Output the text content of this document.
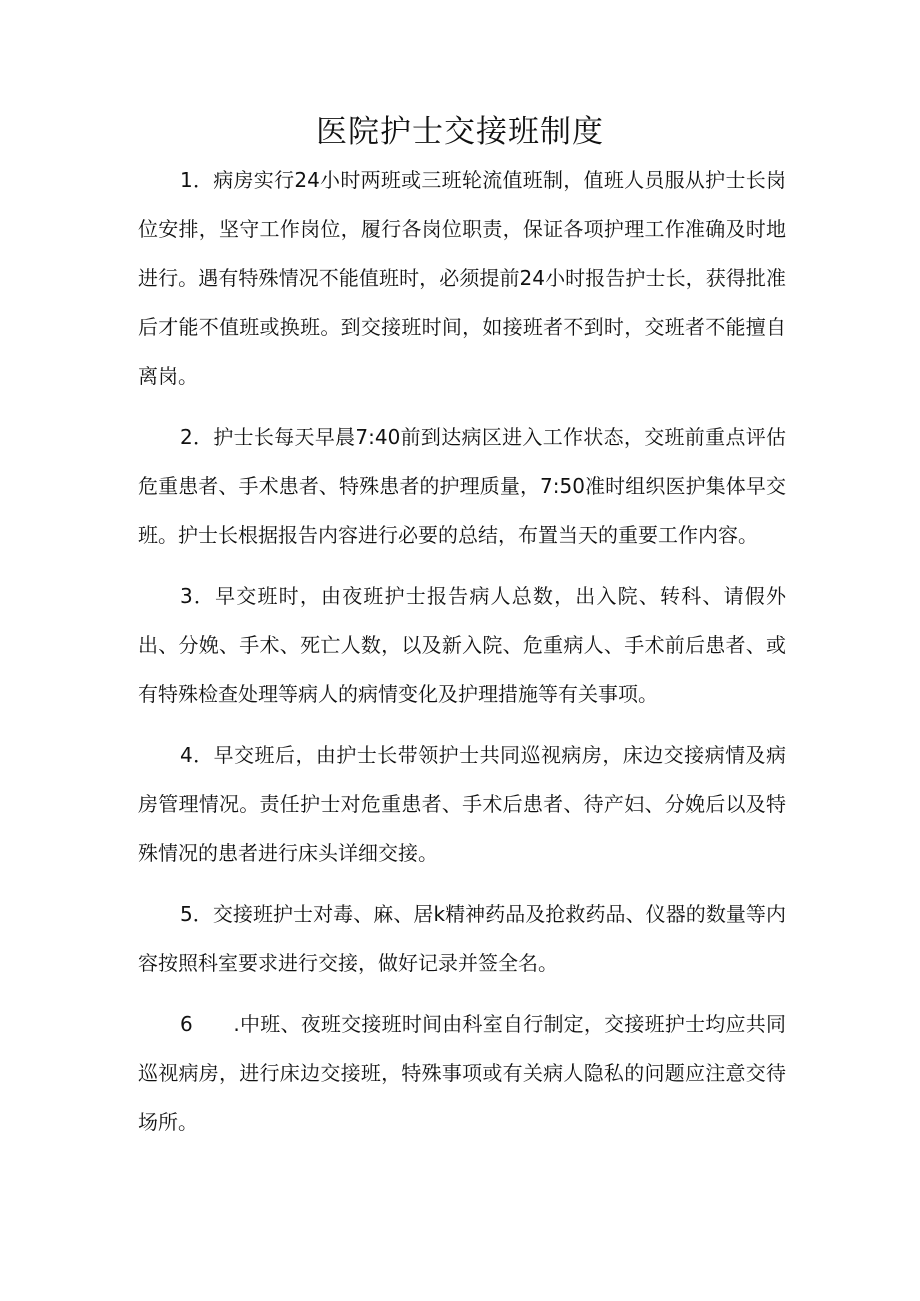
医院护士交接班制度

1．病房实行24小时两班或三班轮流值班制，值班人员服从护士长岗位安排，坚守工作岗位，履行各岗位职责，保证各项护理工作准确及时地进行。遇有特殊情况不能值班时，必须提前24小时报告护士长，获得批准后才能不值班或换班。到交接班时间，如接班者不到时，交班者不能擅自离岗。

2．护士长每天早晨7:40前到达病区进入工作状态，交班前重点评估危重患者、手术患者、特殊患者的护理质量，7:50准时组织医护集体早交班。护士长根据报告内容进行必要的总结，布置当天的重要工作内容。

3．早交班时，由夜班护士报告病人总数，出入院、转科、请假外出、分娩、手术、死亡人数，以及新入院、危重病人、手术前后患者、或有特殊检查处理等病人的病情变化及护理措施等有关事项。

4．早交班后，由护士长带领护士共同巡视病房，床边交接病情及病房管理情况。责任护士对危重患者、手术后患者、待产妇、分娩后以及特殊情况的患者进行床头详细交接。

5．交接班护士对毒、麻、居k精神药品及抢救药品、仪器的数量等内容按照科室要求进行交接，做好记录并签全名。

6　　.中班、夜班交接班时间由科室自行制定，交接班护士均应共同巡视病房，进行床边交接班，特殊事项或有关病人隐私的问题应注意交待场所。
